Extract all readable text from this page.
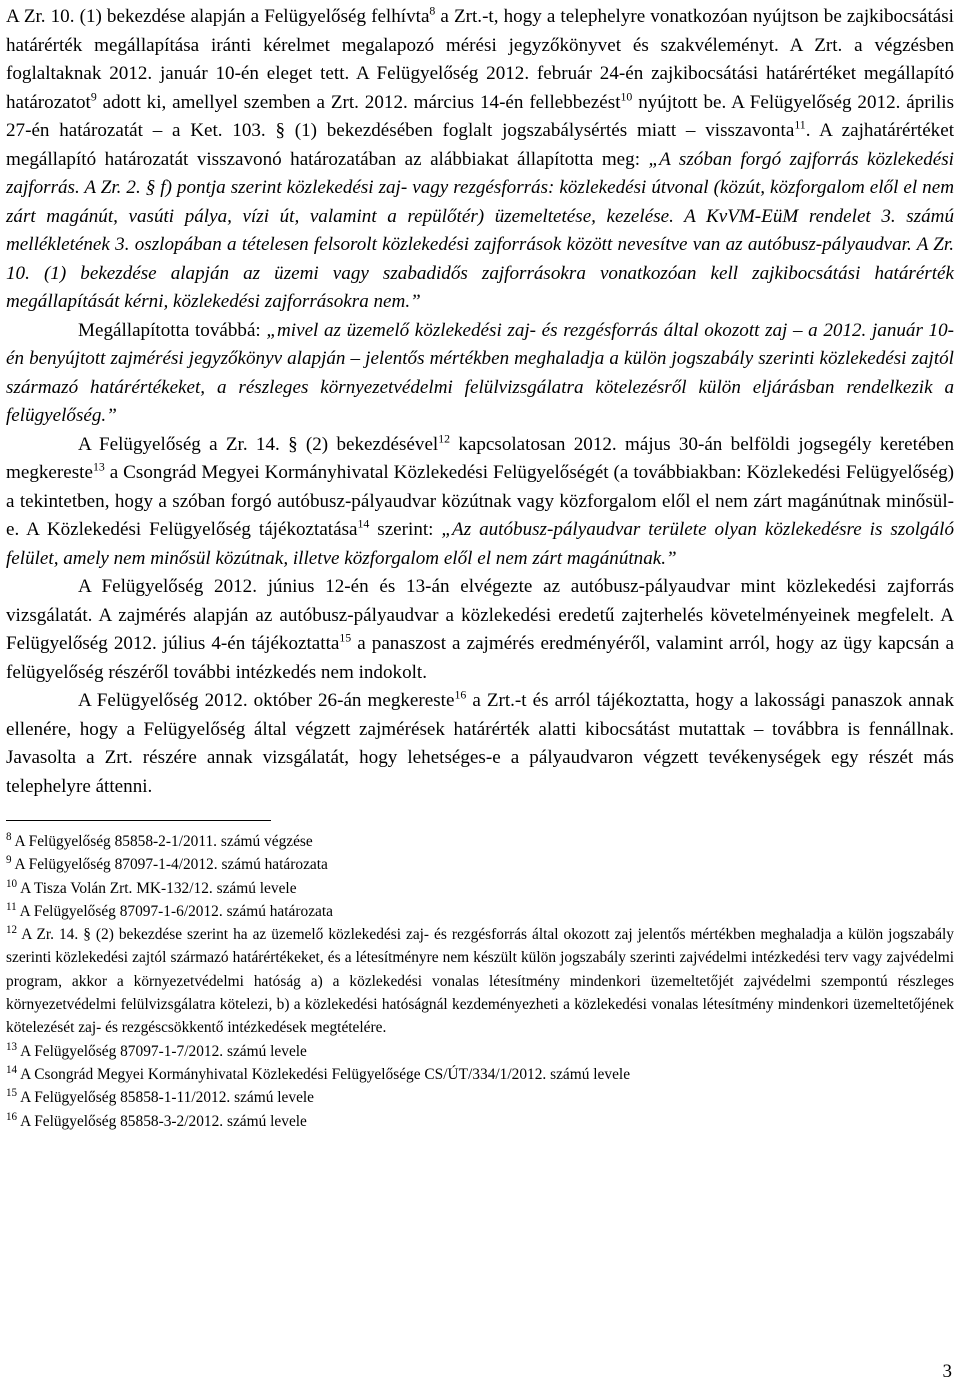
A Zr. 10. (1) bekezdése alapján a Felügyelőség felhívta$^8$ a Zrt.-t, hogy a telephelyre vonatkozóan nyújtson be zajkibocsátási határérték megállapítása iránti kérelmet megalapozó mérési jegyzőkönyvet és szakvéleményt. A Zrt. a végzésben foglaltaknak 2012. január 10-én eleget tett. A Felügyelőség 2012. február 24-én zajkibocsátási határértéket megállapító határozatot$^9$ adott ki, amellyel szemben a Zrt. 2012. március 14-én fellebbezést$^{10}$ nyújtott be. A Felügyelőség 2012. április 27-én határozatát – a Ket. 103. § (1) bekezdésében foglalt jogszabálysértés miatt – visszavonta$^{11}$. A zajhatárértéket megállapító határozatát visszavonó határozatában az alábbiakat állapította meg: „A szóban forgó zajforrás közlekedési zajforrás. A Zr. 2. § f) pontja szerint közlekedési zaj- vagy rezgésforrás: közlekedési útvonal (közút, közforgalom elől el nem zárt magánút, vasúti pálya, vízi út, valamint a repülőtér) üzemeltetése, kezelése. A KvVM-EüM rendelet 3. számú mellékletének 3. oszlopában a tételesen felsorolt közlekedési zajforrások között nevesítve van az autóbusz-pályaudvar. A Zr. 10. (1) bekezdése alapján az üzemi vagy szabadidős zajforrásokra vonatkozóan kell zajkibocsátási határérték megállapítását kérni, közlekedési zajforrásokra nem.”

Megállapította továbbá: „mivel az üzemelő közlekedési zaj- és rezgésforrás által okozott zaj – a 2012. január 10-én benyújtott zajmérési jegyzőkönyv alapján – jelentős mértékben meghaladja a külön jogszabály szerinti közlekedési zajtól származó határértékeket, a részleges környezetvédelmi felülvizsgálatra kötelezésről külön eljárásban rendelkezik a felügyelőség.”

A Felügyelőség a Zr. 14. § (2) bekezdésével$^{12}$ kapcsolatosan 2012. május 30-án belföldi jogsegély keretében megkereste$^{13}$ a Csongrád Megyei Kormányhivatal Közlekedési Felügyelőségét (a továbbiakban: Közlekedési Felügyelőség) a tekintetben, hogy a szóban forgó autóbusz-pályaudvar közútnak vagy közforgalom elől el nem zárt magánútnak minősül-e. A Közlekedési Felügyelőség tájékoztatása$^{14}$ szerint: „Az autóbusz-pályaudvar területe olyan közlekedésre is szolgáló felület, amely nem minősül közútnak, illetve közforgalom elől el nem zárt magánútnak.”

A Felügyelőség 2012. június 12-én és 13-án elvégezte az autóbusz-pályaudvar mint közlekedési zajforrás vizsgálatát. A zajmérés alapján az autóbusz-pályaudvar a közlekedési eredetű zajterhelés követelményeinek megfelelt. A Felügyelőség 2012. július 4-én tájékoztatta$^{15}$ a panaszost a zajmérés eredményéről, valamint arról, hogy az ügy kapcsán a felügyelőség részéről további intézkedés nem indokolt.

A Felügyelőség 2012. október 26-án megkereste$^{16}$ a Zrt.-t és arról tájékoztatta, hogy a lakossági panaszok annak ellenére, hogy a Felügyelőség által végzett zajmérések határérték alatti kibocsátást mutattak – továbbra is fennállnak. Javasolta a Zrt. részére annak vizsgálatát, hogy lehetséges-e a pályaudvaron végzett tevékenységek egy részét más telephelyre áttenni.

$^8$ A Felügyelőség 85858-2-1/2011. számú végzése

$^9$ A Felügyelőség 87097-1-4/2012. számú határozata

$^{10}$ A Tisza Volán Zrt. MK-132/12. számú levele

$^{11}$ A Felügyelőség 87097-1-6/2012. számú határozata

$^{12}$ A Zr. 14. § (2) bekezdése szerint ha az üzemelő közlekedési zaj- és rezgésforrás által okozott zaj jelentős mértékben meghaladja a külön jogszabály szerinti közlekedési zajtól származó határértékeket, és a létesítményre nem készült külön jogszabály szerinti zajvédelmi intézkedési terv vagy zajvédelmi program, akkor a környezetvédelmi hatóság a) a közlekedési vonalas létesítmény mindenkori üzemeltetőjét zajvédelmi szempontú részleges környezetvédelmi felülvizsgálatra kötelezi, b) a közlekedési hatóságnál kezdeményezheti a közlekedési vonalas létesítmény mindenkori üzemeltetőjének kötelezését zaj- és rezgéscsökkentő intézkedések megtételére.

$^{13}$ A Felügyelőség 87097-1-7/2012. számú levele

$^{14}$ A Csongrád Megyei Kormányhivatal Közlekedési Felügyelősége CS/ÚT/334/1/2012. számú levele

$^{15}$ A Felügyelőség 85858-1-11/2012. számú levele

$^{16}$ A Felügyelőség 85858-3-2/2012. számú levele

3
